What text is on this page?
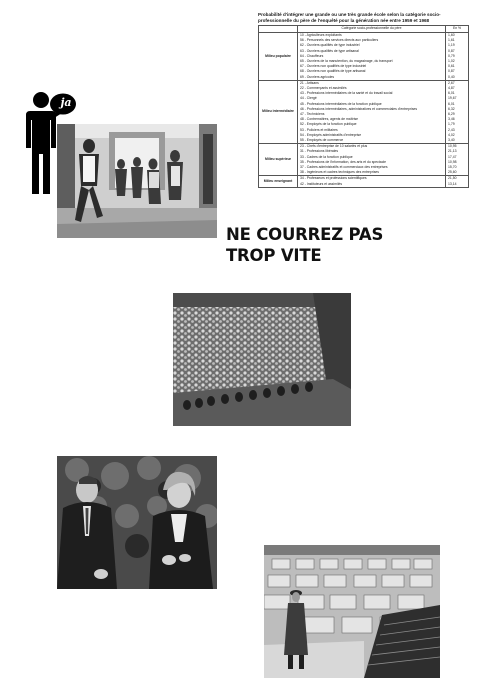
Probabilité d'intégrer une grande ou une très grande école selon la catégorie socio-professionnelle du père de l'enquêté pour la génération née entre 1959 et 1968
	Catégorie socio-professionnelle du père	En %
Milieu populaire	10 - Agriculteurs exploitants	1,60
	56 - Personnels des services directs aux particuliers	1,61
	62 - Ouvriers qualifiés de type industriel	1,19
	63 - Ouvriers qualifiés de type artisanal	0,87
	64 - Chauffeurs	0,79
	65 - Ouvriers de la manutention, du magasinage, du transport	1,02
	67 - Ouvriers non qualifiés de type industriel	0,61
	68 - Ouvriers non qualifiés de type artisanal	0,87
	69 - Ouvriers agricoles	0,40
Milieu intermédiaire	21 - Artisans	2,67
	22 - Commerçants et assimilés	4,87
	43 - Professions intermédiaires de la santé et du travail social	6,01
	44 - Clergé	19,67
	45 - Professions intermédiaires de la fonction publique	6,01
	46 - Professions intermédiaires, administratives et commerciales d'entreprises	6,32
	47 - Techniciens	6,29
	48 - Contremaîtres, agents de maîtrise	3,46
	52 - Employés de la fonction publique	1,79
	53 - Policiers et militaires	2,43
	54 - Employés administratifs d'entreprise	4,02
	55 - Employés de commerce	3,40
Milieu supérieur	23 - Chefs d'entreprise de 10 salariés et plus	10,95
	31 - Professions libérales	21,13
	33 - Cadres de la fonction publique	17,47
	35 - Professions de l'information, des arts et du spectacle	10,98
	37 - Cadres administratifs et commerciaux des entreprises	15,70
	38 - Ingénieurs et cadres techniques des entreprises	25,60
Milieu enseignant	34 - Professeurs et professions scientifiques	21,50
	42 - Instituteurs et assimilés	13,14
ja
NE COURREZ PAS
TROP VITE
